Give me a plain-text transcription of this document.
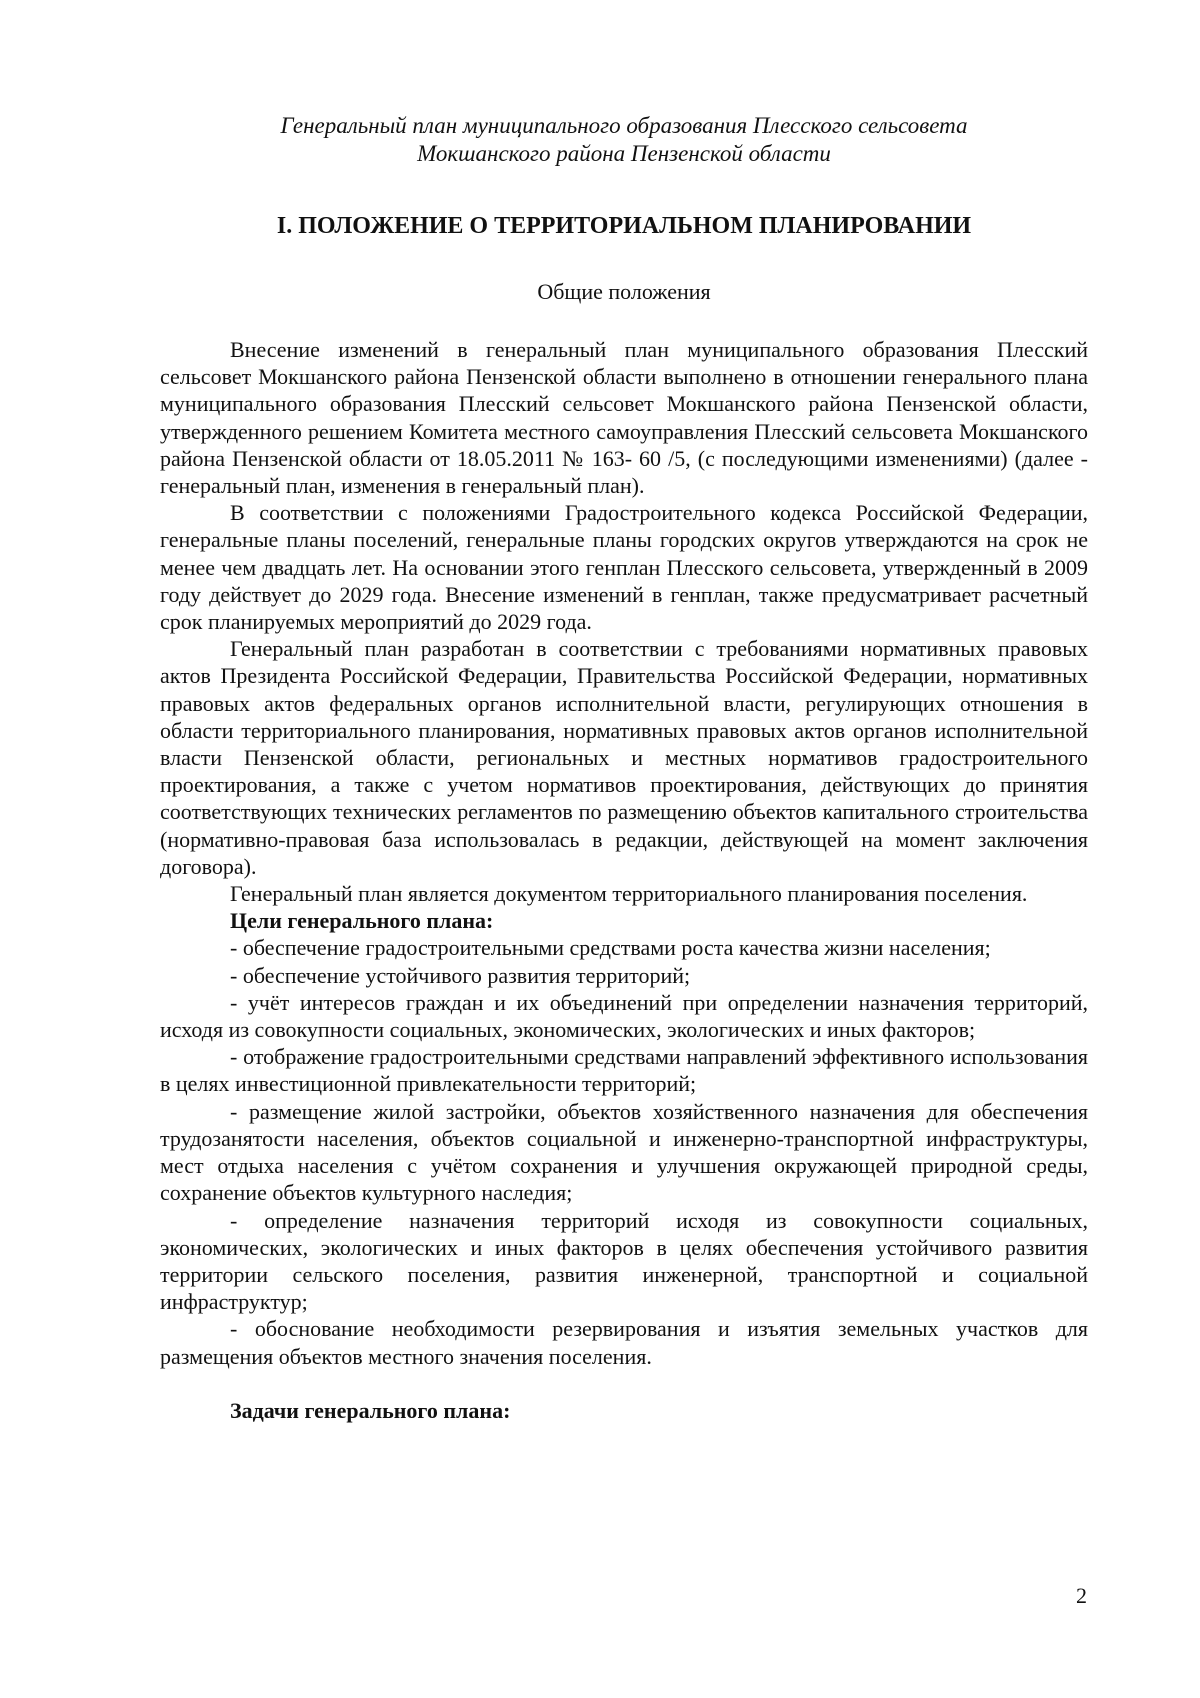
Генеральный план муниципального образования Плесского сельсовета
Мокшанского района Пензенской области
I. ПОЛОЖЕНИЕ О ТЕРРИТОРИАЛЬНОМ ПЛАНИРОВАНИИ
Общие положения

Внесение изменений в генеральный план муниципального образования Плесский сельсовет Мокшанского района Пензенской области выполнено в отношении генерального плана муниципального образования Плесский сельсовет Мокшанского района Пензенской области, утвержденного решением Комитета местного самоуправления Плесский сельсовета Мокшанского района Пензенской области от 18.05.2011 № 163- 60 /5, (с последующими изменениями) (далее - генеральный план, изменения в генеральный план).

В соответствии с положениями Градостроительного кодекса Российской Федерации, генеральные планы поселений, генеральные планы городских округов утверждаются на срок не менее чем двадцать лет. На основании этого генплан Плесского сельсовета, утвержденный в 2009 году действует до 2029 года. Внесение изменений в генплан, также предусматривает расчетный срок планируемых мероприятий до 2029 года.

Генеральный план разработан в соответствии с требованиями нормативных правовых актов Президента Российской Федерации, Правительства Российской Федерации, нормативных правовых актов федеральных органов исполнительной власти, регулирующих отношения в области территориального планирования, нормативных правовых актов органов исполнительной власти Пензенской области, региональных и местных нормативов градостроительного проектирования, а также с учетом нормативов проектирования, действующих до принятия соответствующих технических регламентов по размещению объектов капитального строительства (нормативно-правовая база использовалась в редакции, действующей на момент заключения договора).

Генеральный план является документом территориального планирования поселения.

Цели генерального плана:

- обеспечение градостроительными средствами роста качества жизни населения;

- обеспечение устойчивого развития территорий;

- учёт интересов граждан и их объединений при определении назначения территорий, исходя из совокупности социальных, экономических, экологических и иных факторов;

- отображение градостроительными средствами направлений эффективного использования в целях инвестиционной привлекательности территорий;

- размещение жилой застройки, объектов хозяйственного назначения для обеспечения трудозанятости населения, объектов социальной и инженерно-транспортной инфраструктуры, мест отдыха населения с учётом сохранения и улучшения окружающей природной среды, сохранение объектов культурного наследия;

- определение назначения территорий исходя из совокупности социальных, экономических, экологических и иных факторов в целях обеспечения устойчивого развития территории сельского поселения, развития инженерной, транспортной и социальной инфраструктур;

- обоснование необходимости резервирования и изъятия земельных участков для размещения объектов местного значения поселения.

Задачи генерального плана:

2
